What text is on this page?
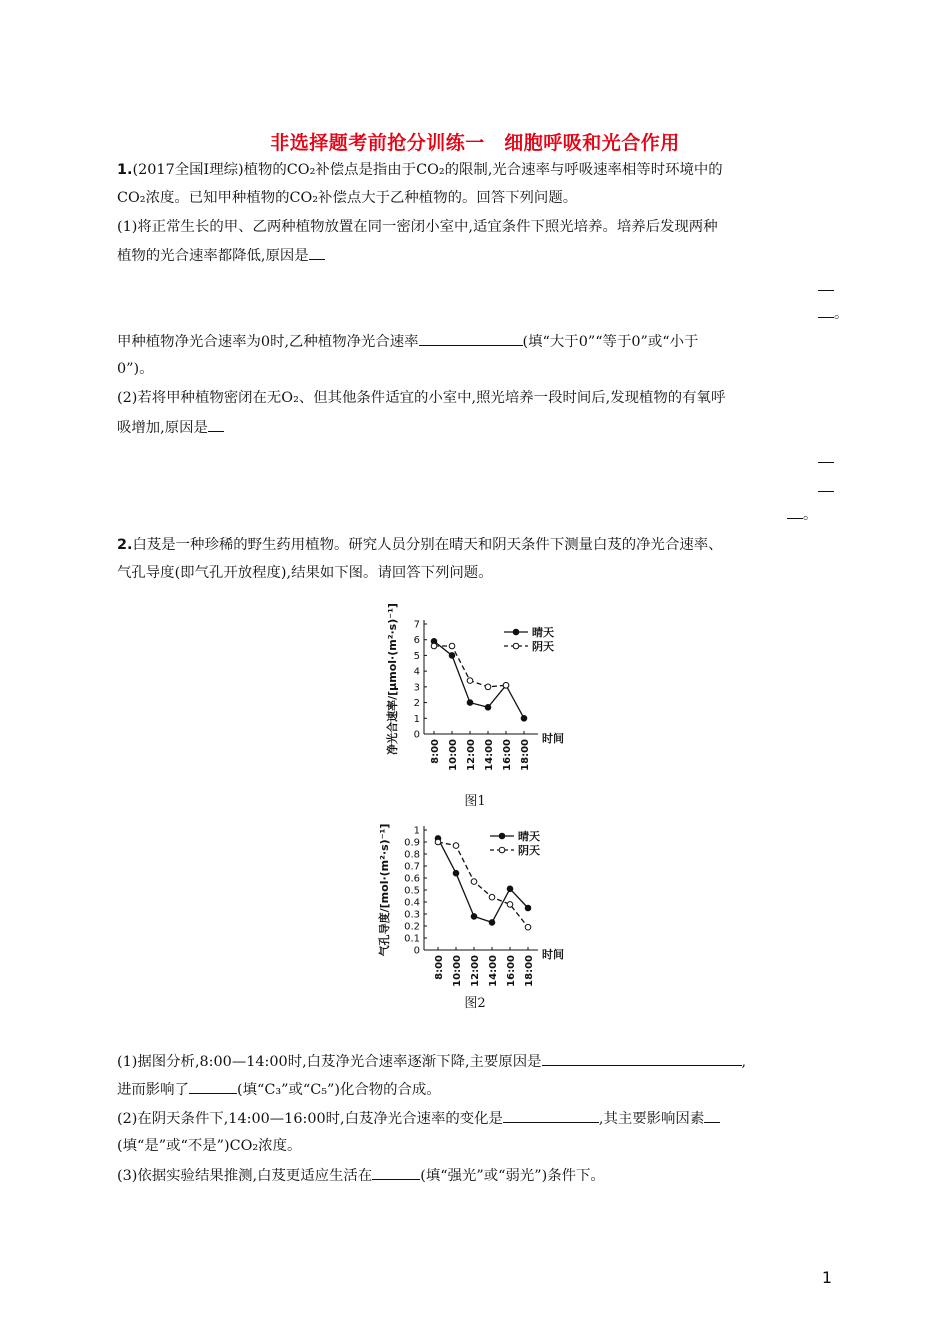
非选择题考前抢分训练一　细胞呼吸和光合作用
1.(2017全国Ⅰ理综)植物的CO₂补偿点是指由于CO₂的限制,光合速率与呼吸速率相等时环境中的
CO₂浓度。已知甲种植物的CO₂补偿点大于乙种植物的。回答下列问题。
(1)将正常生长的甲、乙两种植物放置在同一密闭小室中,适宜条件下照光培养。培养后发现两种
植物的光合速率都降低,原因是
。
甲种植物净光合速率为0时,乙种植物净光合速率	(填“大于0”“等于0”或“小于
0”)。
(2)若将甲种植物密闭在无O₂、但其他条件适宜的小室中,照光培养一段时间后,发现植物的有氧呼
吸增加,原因是
。
2.白芨是一种珍稀的野生药用植物。研究人员分别在晴天和阴天条件下测量白芨的净光合速率、
气孔导度(即气孔开放程度),结果如下图。请回答下列问题。
0
1
2
3
4
5
6
7
8:00 10:00 12:00 14:00 16:00 18:00
时间
净光合速率/[μmol·(m²·s)⁻¹]	晴天
阴天
图1
0
0.1
0.2
0.3
0.4
0.5
0.6
0.7
0.8
0.9
1
8:00 10:00 12:00 14:00 16:00 18:00
时间
气孔导度/[mol·(m²·s)⁻¹]	晴天
阴天
图2
(1)据图分析,8:00—14:00时,白芨净光合速率逐渐下降,主要原因是	,
进而影响了	(填“C₃”或“C₅”)化合物的合成。
(2)在阴天条件下,14:00—16:00时,白芨净光合速率的变化是	,其主要影响因素
(填“是”或“不是”)CO₂浓度。
(3)依据实验结果推测,白芨更适应生活在	(填“强光”或“弱光”)条件下。
1
